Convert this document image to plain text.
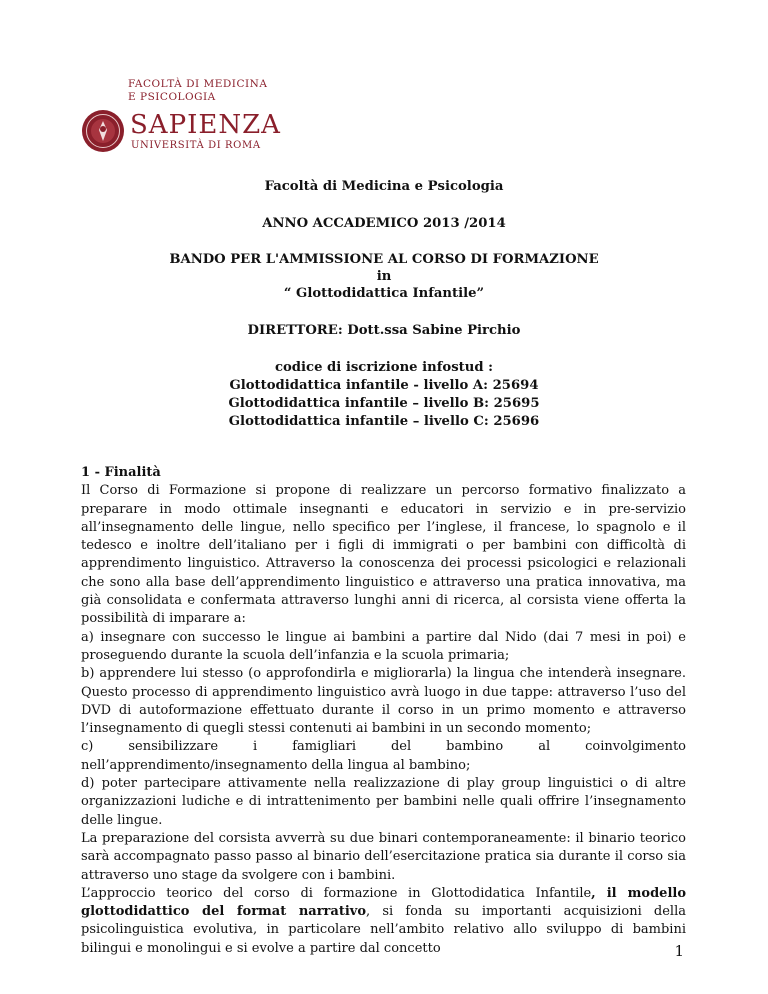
FACOLTÀ DI MEDICINA
E PSICOLOGIA
SAPIENZA
UNIVERSITÀ DI ROMA
Facoltà di Medicina e Psicologia
ANNO ACCADEMICO 2013 /2014
BANDO PER L'AMMISSIONE AL CORSO DI FORMAZIONE
in
“ Glottodidattica Infantile”
DIRETTORE: Dott.ssa Sabine Pirchio
codice di iscrizione infostud :
Glottodidattica infantile - livello A: 25694
Glottodidattica infantile – livello B: 25695
Glottodidattica infantile – livello C: 25696

1 - Finalità

Il Corso di Formazione si propone di realizzare un percorso formativo finalizzato a preparare in modo ottimale insegnanti e educatori in servizio e in pre-servizio all’insegnamento delle lingue, nello specifico per l’inglese, il francese, lo spagnolo e il tedesco e inoltre dell’italiano per i figli di immigrati o per bambini con difficoltà di apprendimento linguistico. Attraverso la conoscenza dei processi psicologici e relazionali che sono alla base dell’apprendimento linguistico e attraverso una pratica innovativa, ma già consolidata e confermata attraverso lunghi anni di ricerca, al corsista viene offerta la possibilità di imparare a:

a) insegnare con successo le lingue ai bambini a partire dal Nido (dai 7 mesi in poi) e proseguendo durante la scuola dell’infanzia e la scuola primaria;

b) apprendere lui stesso (o approfondirla e migliorarla) la lingua che intenderà insegnare. Questo processo di apprendimento linguistico avrà luogo in due tappe: attraverso l’uso del DVD di autoformazione effettuato durante il corso in un primo momento e attraverso l’insegnamento di quegli stessi contenuti ai bambini in un secondo momento;

c) sensibilizzare i famigliari del bambino al coinvolgimento nell’apprendimento/insegnamento della lingua al bambino;

d) poter partecipare attivamente nella realizzazione di play group linguistici o di altre organizzazioni ludiche e di intrattenimento per bambini nelle quali offrire l’insegnamento delle lingue.

La preparazione del corsista avverrà su due binari contemporaneamente: il binario teorico sarà accompagnato passo passo al binario dell’esercitazione pratica sia durante il corso sia attraverso uno stage da svolgere con i bambini.

L’approccio teorico del corso di formazione in Glottodidatica Infantile, il modello glottodidattico del format narrativo, si fonda su importanti acquisizioni della psicolinguistica evolutiva, in particolare nell’ambito relativo allo sviluppo di bambini bilingui e monolingui e si evolve a partire dal concetto	1
